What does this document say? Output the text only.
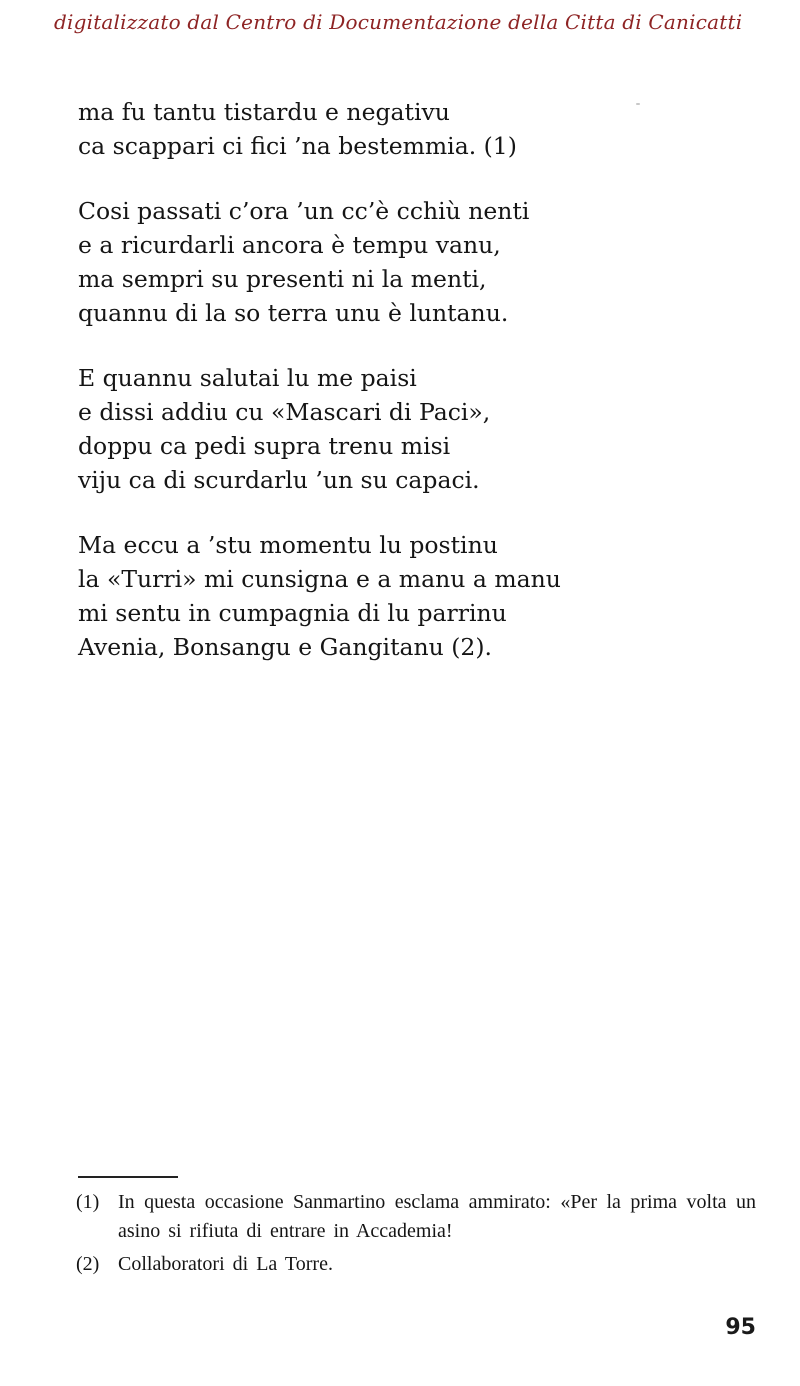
digitalizzato dal Centro di Documentazione della Citta di Canicatti
ma fu tantu tistardu e negativu
ca scappari ci fici ’na bestemmia. (1)
Cosi passati c’ora ’un cc’è cchiù nenti
e a ricurdarli ancora è tempu vanu,
ma sempri su presenti ni la menti,
quannu di la so terra unu è luntanu.
E quannu salutai lu me paisi
e dissi addiu cu «Mascari di Paci»,
doppu ca pedi supra trenu misi
viju ca di scurdarlu ’un su capaci.
Ma eccu a ’stu momentu lu postinu
la «Turri» mi cunsigna e a manu a manu
mi sentu in cumpagnia di lu parrinu
Avenia, Bonsangu e Gangitanu (2).
(1) In questa occasione Sanmartino esclama ammirato: «Per la prima volta un asino si rifiuta di entrare in Accademia!
(2) Collaboratori di La Torre.
95
